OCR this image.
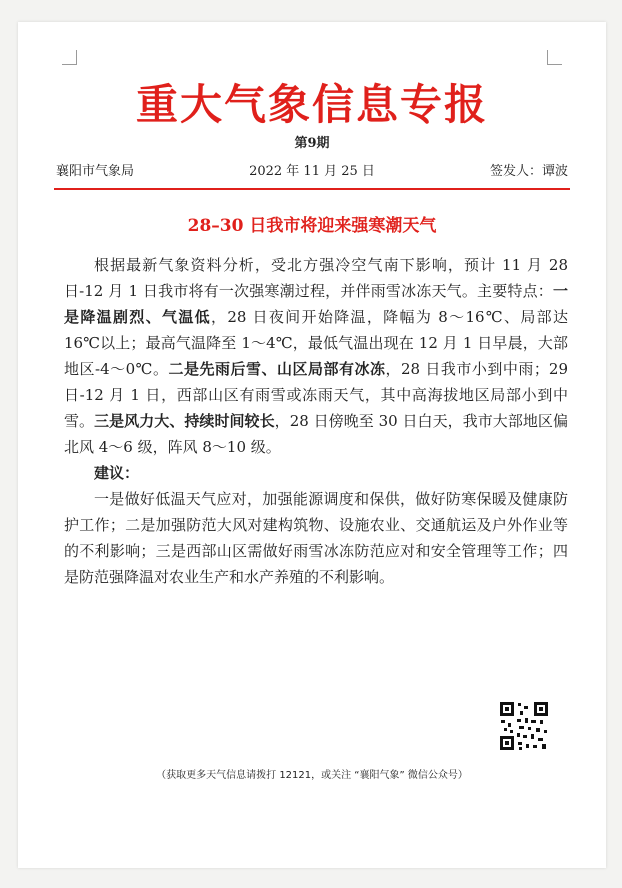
重大气象信息专报
第9期
襄阳市气象局	2022 年 11 月 25 日	签发人：谭波
28–30 日我市将迎来强寒潮天气

根据最新气象资料分析，受北方强冷空气南下影响，预计 11 月 28 日-12 月 1 日我市将有一次强寒潮过程，并伴雨雪冰冻天气。主要特点：一是降温剧烈、气温低，28 日夜间开始降温，降幅为 8～16℃、局部达 16℃以上；最高气温降至 1～4℃，最低气温出现在 12 月 1 日早晨，大部地区-4～0℃。二是先雨后雪、山区局部有冰冻，28 日我市小到中雨；29 日-12 月 1 日，西部山区有雨雪或冻雨天气，其中高海拔地区局部小到中雪。三是风力大、持续时间较长，28 日傍晚至 30 日白天，我市大部地区偏北风 4～6 级，阵风 8～10 级。

建议：

一是做好低温天气应对，加强能源调度和保供，做好防寒保暖及健康防护工作；二是加强防范大风对建构筑物、设施农业、交通航运及户外作业等的不利影响；三是西部山区需做好雨雪冰冻防范应对和安全管理等工作；四是防范强降温对农业生产和水产养殖的不利影响。

（获取更多天气信息请拨打 12121，或关注 “襄阳气象” 微信公众号）
